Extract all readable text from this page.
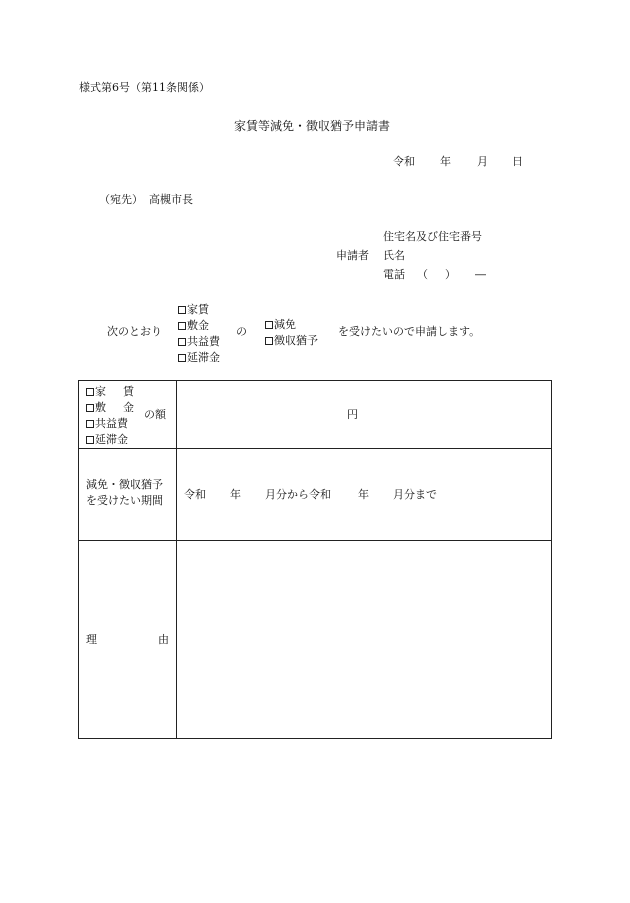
様式第6号（第11条関係）
家賃等減免・徴収猶予申請書
令和 年 月 日
（宛先） 高槻市長
住宅名及び住宅番号
申請者 氏名
電話 （ ） ―
次のとおり
家賃
敷金
共益費
延滞金
の
減免
徴収猶予
を受けたいので申請します。
家 賃
敷 金
共益費
延滞金
の額	円
減免・徴収猶予
を受けたい期間 令和 年 月分から令和 年 月分まで
理	由
